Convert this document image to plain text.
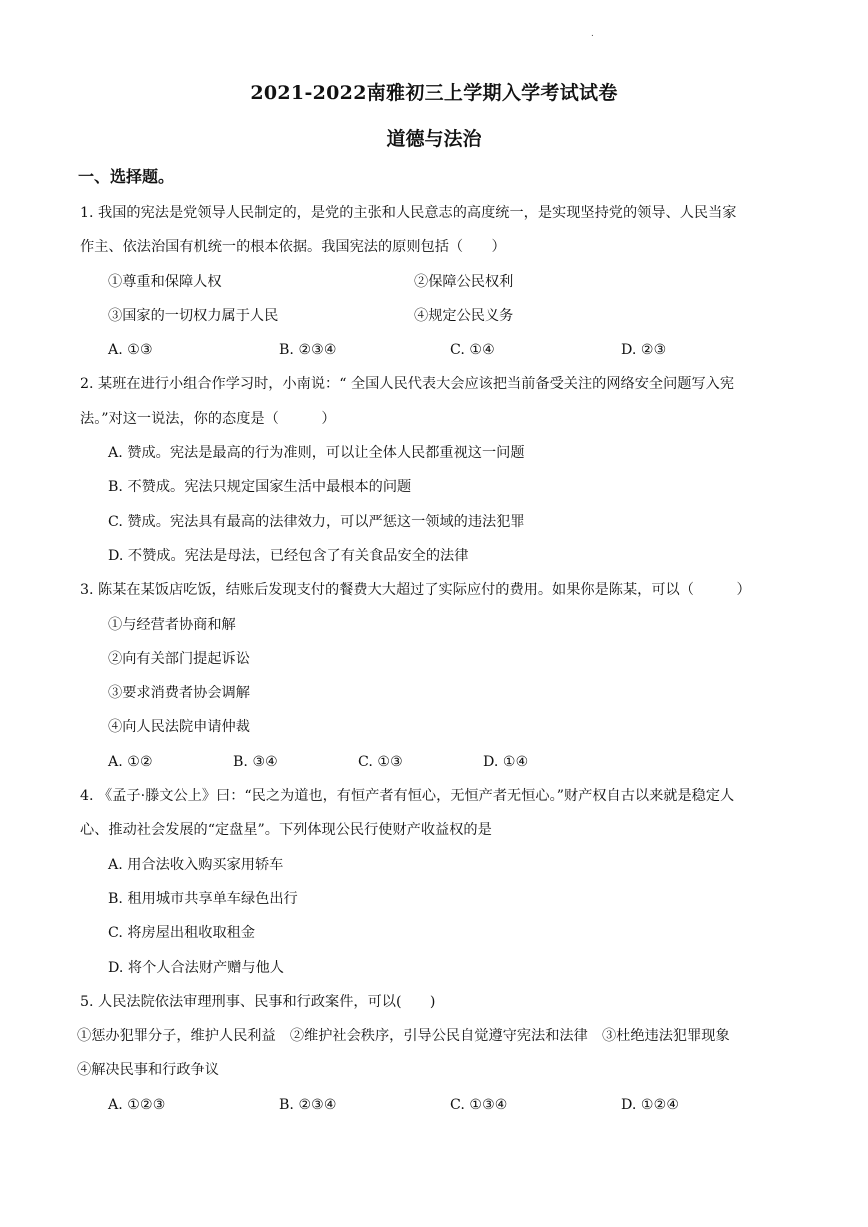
.
2021-2022南雅初三上学期入学考试试卷
道德与法治
一、选择题。
1. 我国的宪法是党领导人民制定的，是党的主张和人民意志的高度统一，是实现坚持党的领导、人民当家
作主、依法治国有机统一的根本依据。我国宪法的原则包括（　　）
①尊重和保障人权	②保障公民权利
③国家的一切权力属于人民	④规定公民义务
A. ①③	B. ②③④	C. ①④	D. ②③
2. 某班在进行小组合作学习时，小南说：“ 全国人民代表大会应该把当前备受关注的网络安全问题写入宪
法。”对这一说法，你的态度是（　　　）
A. 赞成。宪法是最高的行为准则，可以让全体人民都重视这一问题
B. 不赞成。宪法只规定国家生活中最根本的问题
C. 赞成。宪法具有最高的法律效力，可以严惩这一领域的违法犯罪
D. 不赞成。宪法是母法，已经包含了有关食品安全的法律
3. 陈某在某饭店吃饭，结账后发现支付的餐费大大超过了实际应付的费用。如果你是陈某，可以（　　　）
①与经营者协商和解
②向有关部门提起诉讼
③要求消费者协会调解
④向人民法院申请仲裁
A. ①②	B. ③④	C. ①③	D. ①④
4. 《孟子·滕文公上》曰：“民之为道也，有恒产者有恒心，无恒产者无恒心。”财产权自古以来就是稳定人
心、推动社会发展的“定盘星”。下列体现公民行使财产收益权的是
A. 用合法收入购买家用轿车
B. 租用城市共享单车绿色出行
C. 将房屋出租收取租金
D. 将个人合法财产赠与他人
5. 人民法院依法审理刑事、民事和行政案件，可以(　　)
①惩办犯罪分子，维护人民利益　②维护社会秩序，引导公民自觉遵守宪法和法律　③杜绝违法犯罪现象
④解决民事和行政争议
A. ①②③	B. ②③④	C. ①③④	D. ①②④
